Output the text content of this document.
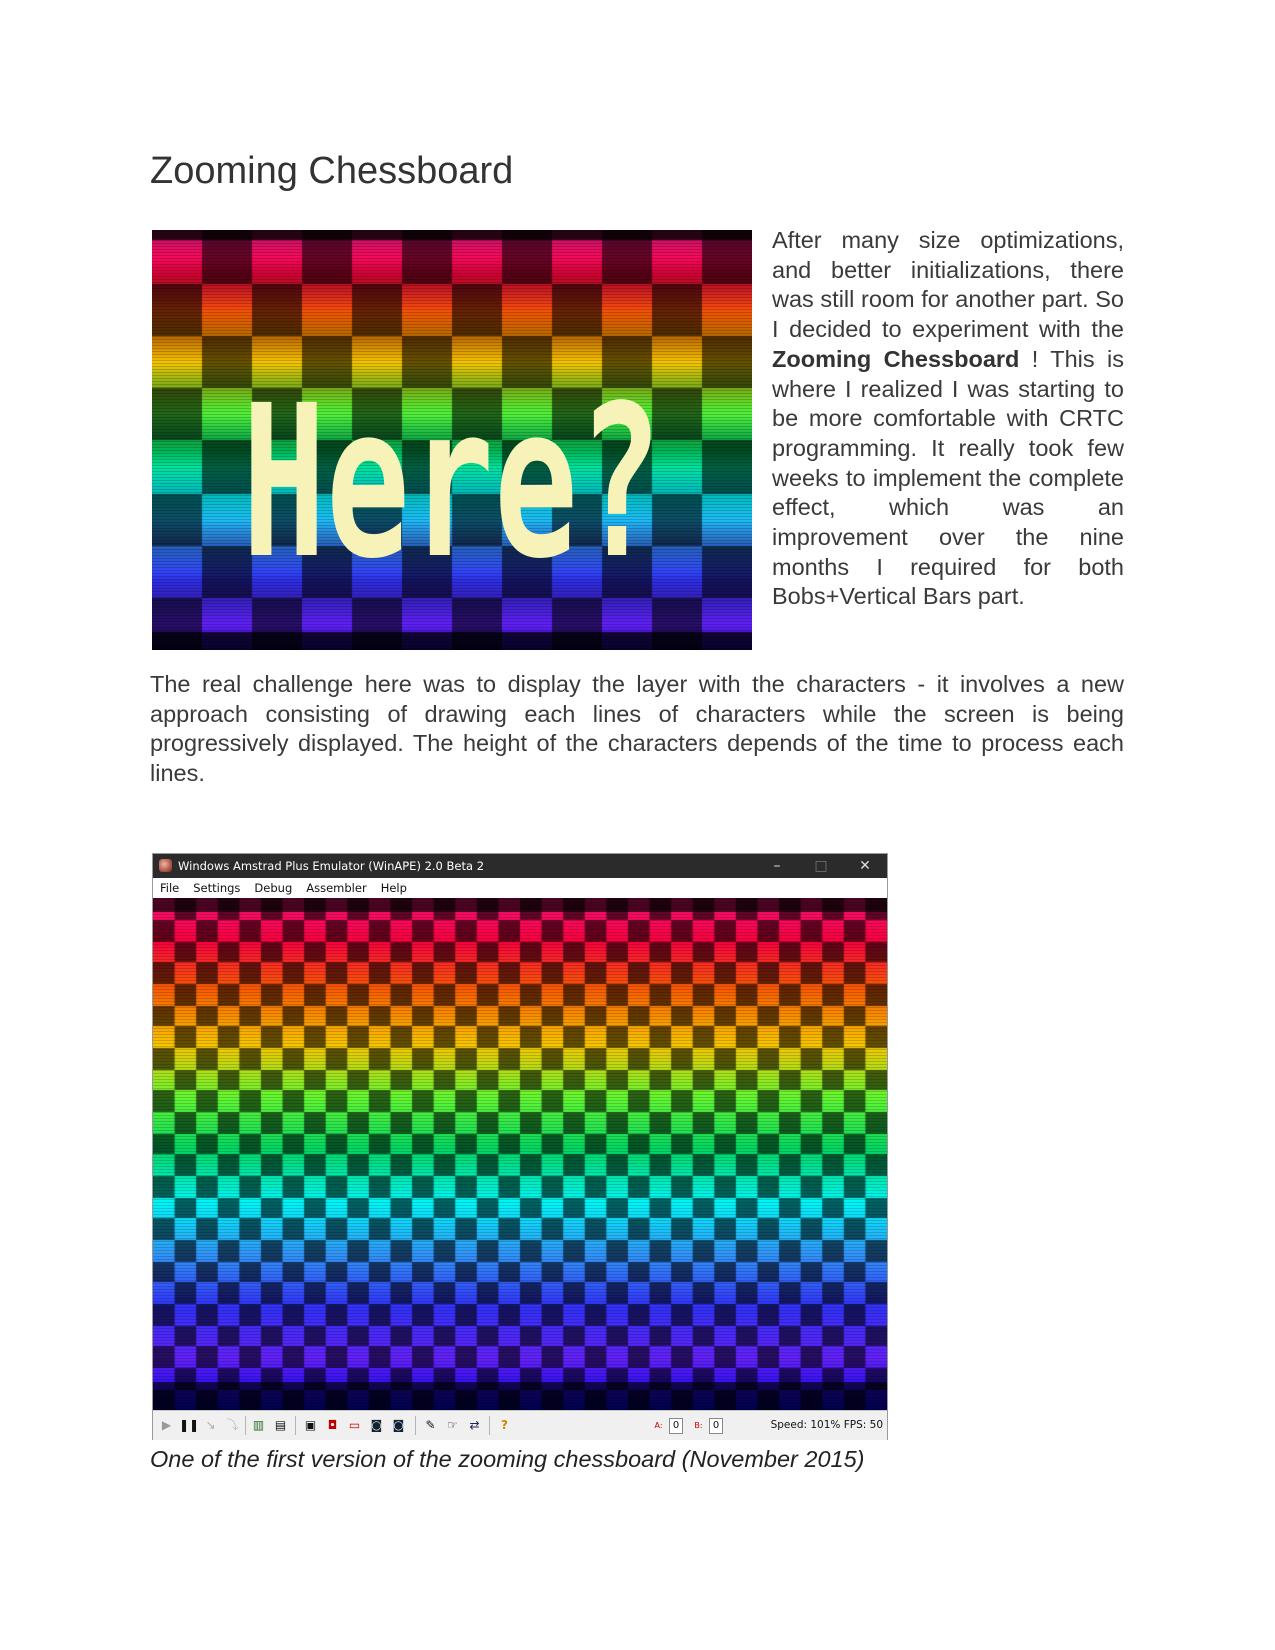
Zooming Chessboard
Here?

After many size optimizations, and better initializations, there was still room for another part. So I decided to experiment with the Zooming Chessboard ! This is where I realized I was starting to be more comfortable with CRTC programming. It really took few weeks to implement the complete effect, which was an improvement over the nine months I required for both Bobs+Vertical Bars part.

The real challenge here was to display the layer with the characters - it involves a new approach consisting of drawing each lines of characters while the screen is being progressively displayed. The height of the characters depends of the time to process each lines.

Windows Amstrad Plus Emulator (WinAPE) 2.0 Beta 2	–	□	✕
File Settings Debug Assembler Help
▶ ❚❚ ↘ ⤵ ▥ ▤ ▣ ◘ ▭ ◙ ◙ ✎ ☞ ⇄	?	A:	0	B:	0	Speed: 101% FPS: 50

One of the first version of the zooming chessboard (November 2015)
